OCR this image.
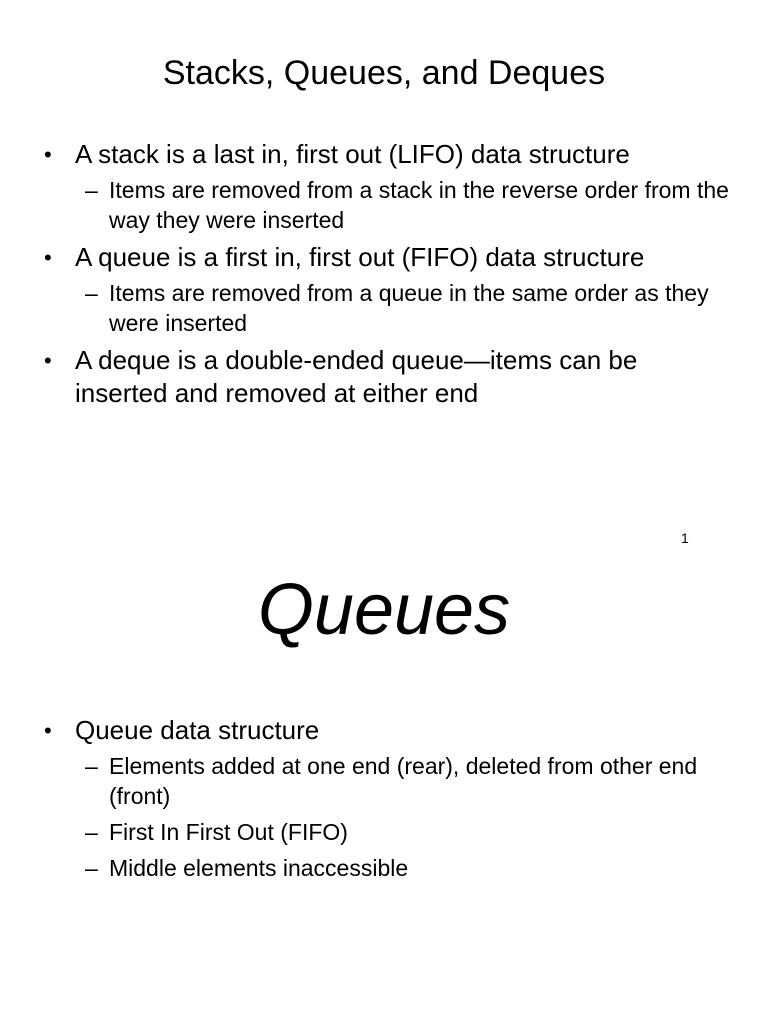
Stacks, Queues, and Deques
• A stack is a last in, first out (LIFO) data structure
– Items are removed from a stack in the reverse order from the way they were inserted
• A queue is a first in, first out (FIFO) data structure
– Items are removed from a queue in the same order as they were inserted
• A deque is a double-ended queue—items can be inserted and removed at either end
1
Queues
• Queue data structure
– Elements added at one end (rear), deleted from other end (front)
– First In First Out (FIFO)
– Middle elements inaccessible
